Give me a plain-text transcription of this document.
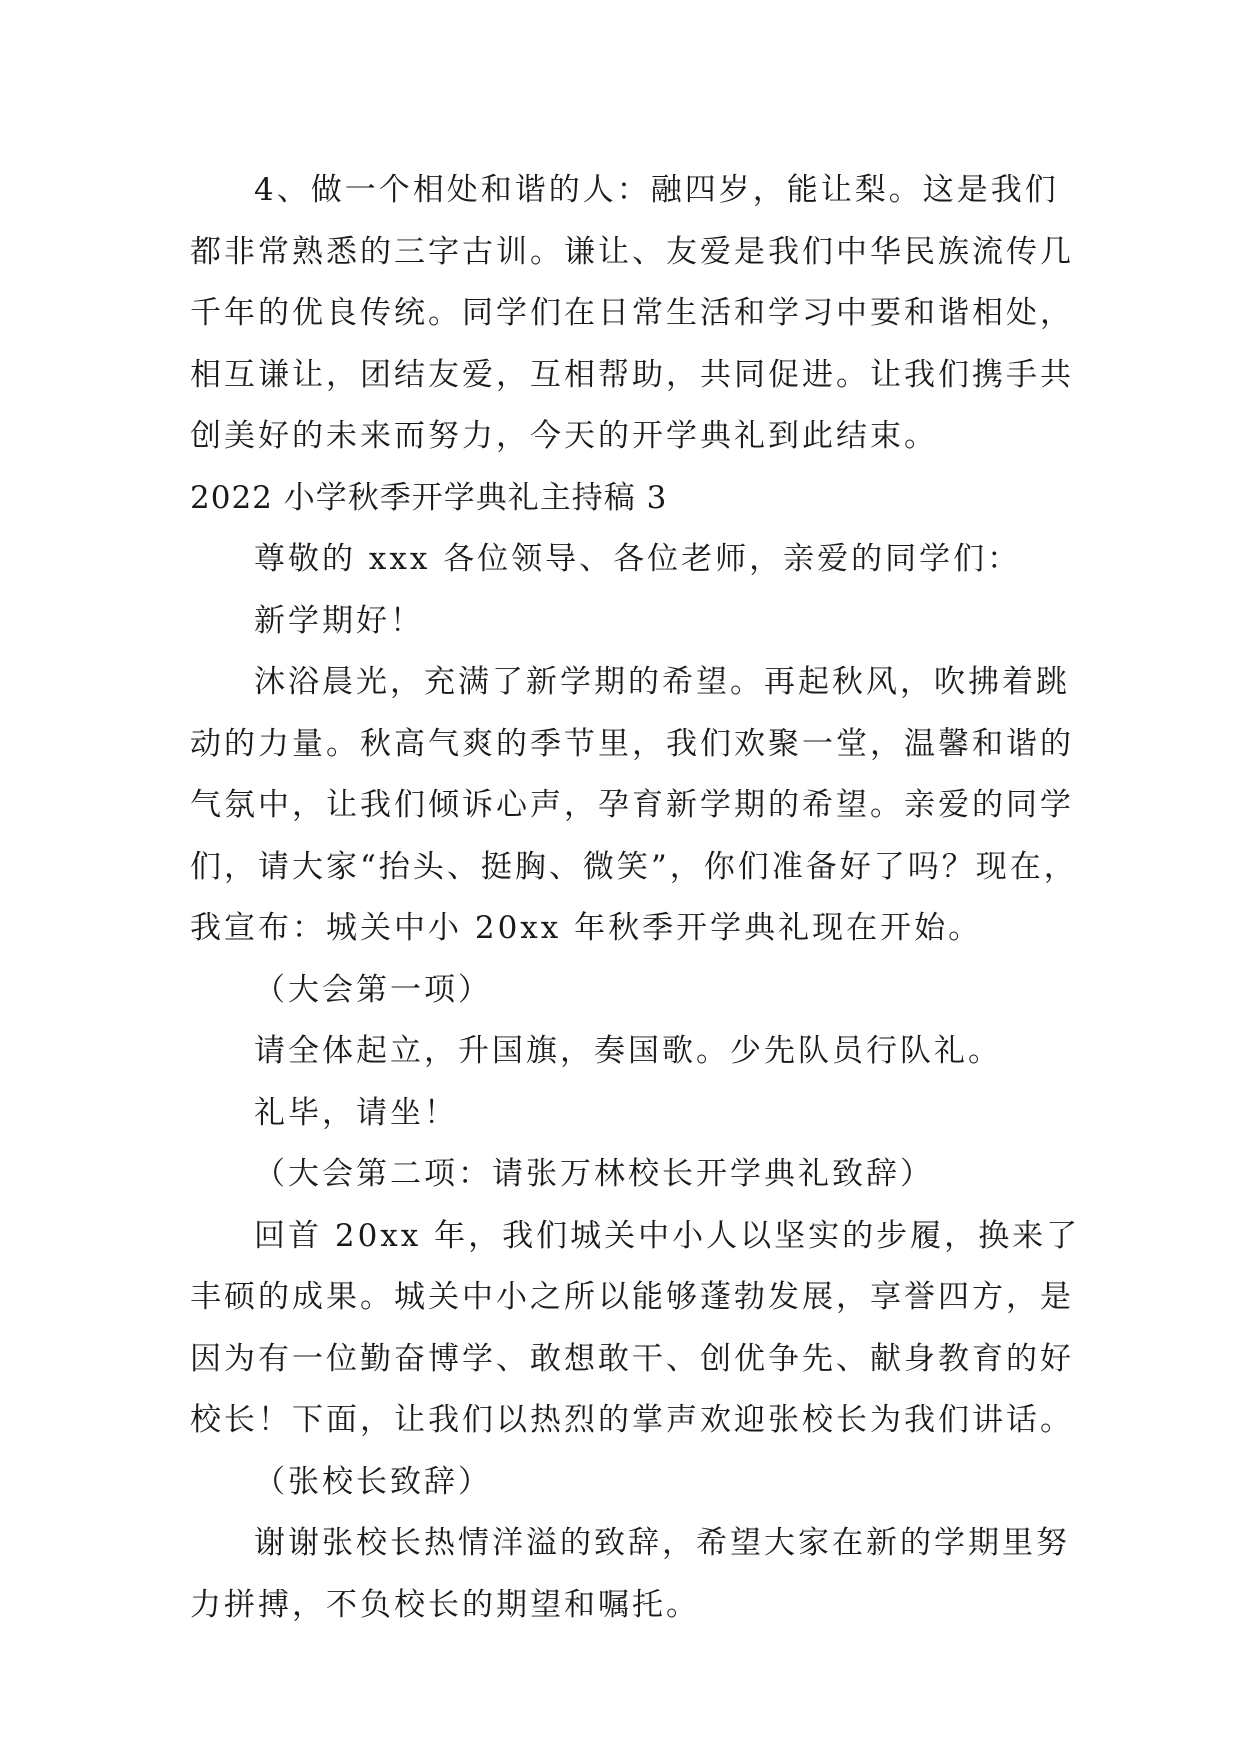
4、做一个相处和谐的人：融四岁，能让梨。这是我们
都非常熟悉的三字古训。谦让、友爱是我们中华民族流传几
千年的优良传统。同学们在日常生活和学习中要和谐相处，
相互谦让，团结友爱，互相帮助，共同促进。让我们携手共
创美好的未来而努力，今天的开学典礼到此结束。
2022 小学秋季开学典礼主持稿 3
尊敬的 xxx 各位领导、各位老师，亲爱的同学们：
新学期好！
沐浴晨光，充满了新学期的希望。再起秋风，吹拂着跳
动的力量。秋高气爽的季节里，我们欢聚一堂，温馨和谐的
气氛中，让我们倾诉心声，孕育新学期的希望。亲爱的同学
们，请大家“抬头、挺胸、微笑”，你们准备好了吗？现在，
我宣布：城关中小 20xx 年秋季开学典礼现在开始。
（大会第一项）
请全体起立，升国旗，奏国歌。少先队员行队礼。
礼毕，请坐！
（大会第二项：请张万林校长开学典礼致辞）
回首 20xx 年，我们城关中小人以坚实的步履，换来了
丰硕的成果。城关中小之所以能够蓬勃发展，享誉四方，是
因为有一位勤奋博学、敢想敢干、创优争先、献身教育的好
校长！下面，让我们以热烈的掌声欢迎张校长为我们讲话。
（张校长致辞）
谢谢张校长热情洋溢的致辞，希望大家在新的学期里努
力拼搏，不负校长的期望和嘱托。
